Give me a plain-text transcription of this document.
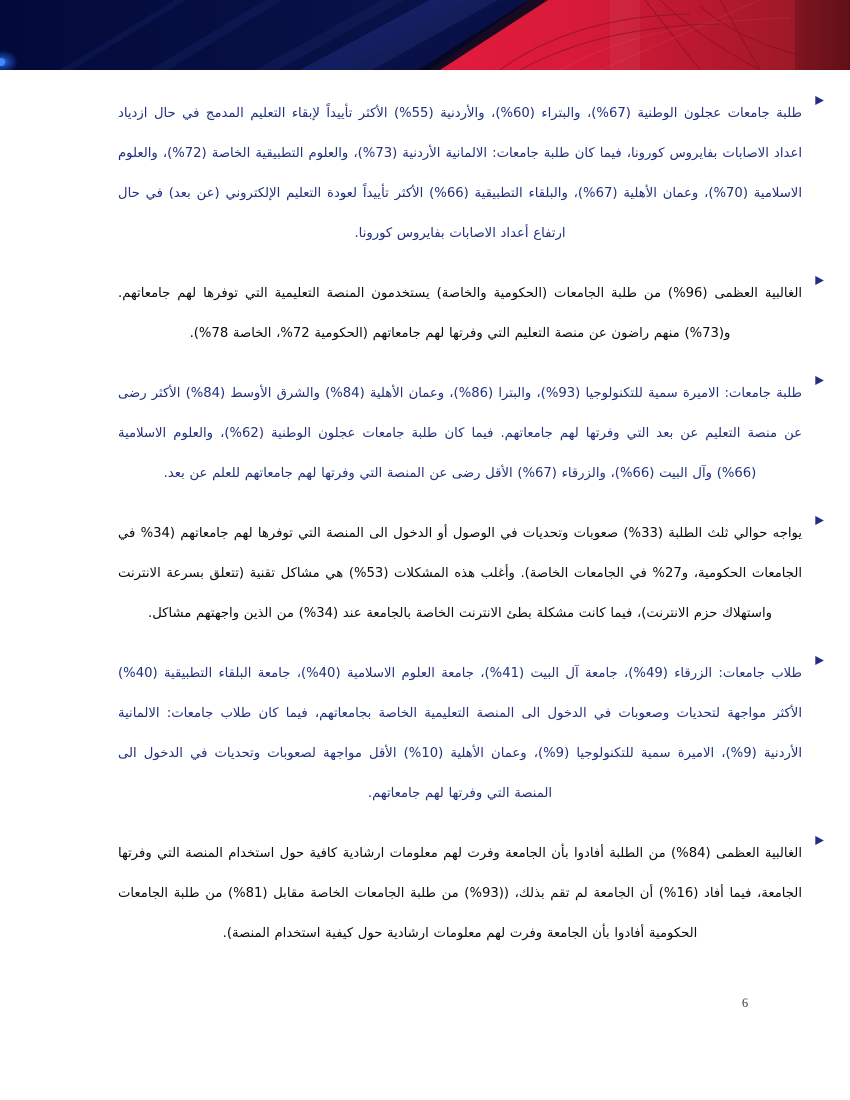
طلبة جامعات عجلون الوطنية (67%)، والبتراء (60%)، والأردنية (55%) الأكثر تأييداً لإبقاء التعليم المدمج في حال ازدياد اعداد الاصابات بفايروس كورونا، فيما كان طلبة جامعات: الالمانية الأردنية (73%)، والعلوم التطبيقية الخاصة (72%)، والعلوم الاسلامية (70%)، وعمان الأهلية (67%)، والبلقاء التطبيقية (66%) الأكثر تأييداً لعودة التعليم الإلكتروني (عن بعد) في حال ارتفاع أعداد الاصابات بفايروس كورونا.

الغالبية العظمى (96%) من طلبة الجامعات (الحكومية والخاصة) يستخدمون المنصة التعليمية التي توفرها لهم جامعاتهم. و(73%) منهم راضون عن منصة التعليم التي وفرتها لهم جامعاتهم (الحكومية 72%، الخاصة 78%).

طلبة جامعات: الاميرة سمية للتكنولوجيا (93%)، والبترا (86%)، وعمان الأهلية (84%) والشرق الأوسط (84%) الأكثر رضى عن منصة التعليم عن بعد التي وفرتها لهم جامعاتهم. فيما كان طلبة جامعات عجلون الوطنية (62%)، والعلوم الاسلامية (66%) وآل البيت (66%)، والزرقاء (67%) الأقل رضى عن المنصة التي وفرتها لهم جامعاتهم للعلم عن بعد.

يواجه حوالي ثلث الطلبة (33%) صعوبات وتحديات في الوصول أو الدخول الى المنصة التي توفرها لهم جامعاتهم (34% في الجامعات الحكومية، و27% في الجامعات الخاصة). وأغلب هذه المشكلات (53%) هي مشاكل تقنية (تتعلق بسرعة الانترنت واستهلاك حزم الانترنت)، فيما كانت مشكلة بطئ الانترنت الخاصة بالجامعة عند (34%) من الذين واجهتهم مشاكل.

طلاب جامعات: الزرقاء (49%)، جامعة آل البيت (41%)، جامعة العلوم الاسلامية (40%)، جامعة البلقاء التطبيقية (40%) الأكثر مواجهة لتحديات وصعوبات في الدخول الى المنصة التعليمية الخاصة بجامعاتهم، فيما كان طلاب جامعات: الالمانية الأردنية (9%)، الاميرة سمية للتكنولوجيا (9%)، وعمان الأهلية (10%) الأقل مواجهة لصعوبات وتحديات في الدخول الى المنصة التي وفرتها لهم جامعاتهم.

الغالبية العظمى (84%) من الطلبة أفادوا بأن الجامعة وفرت لهم معلومات ارشادية كافية حول استخدام المنصة التي وفرتها الجامعة، فيما أفاد (16%) أن الجامعة لم تقم بذلك، ((93%) من طلبة الجامعات الخاصة مقابل (81%) من طلبة الجامعات الحكومية أفادوا بأن الجامعة وفرت لهم معلومات ارشادية حول كيفية استخدام المنصة).

6
